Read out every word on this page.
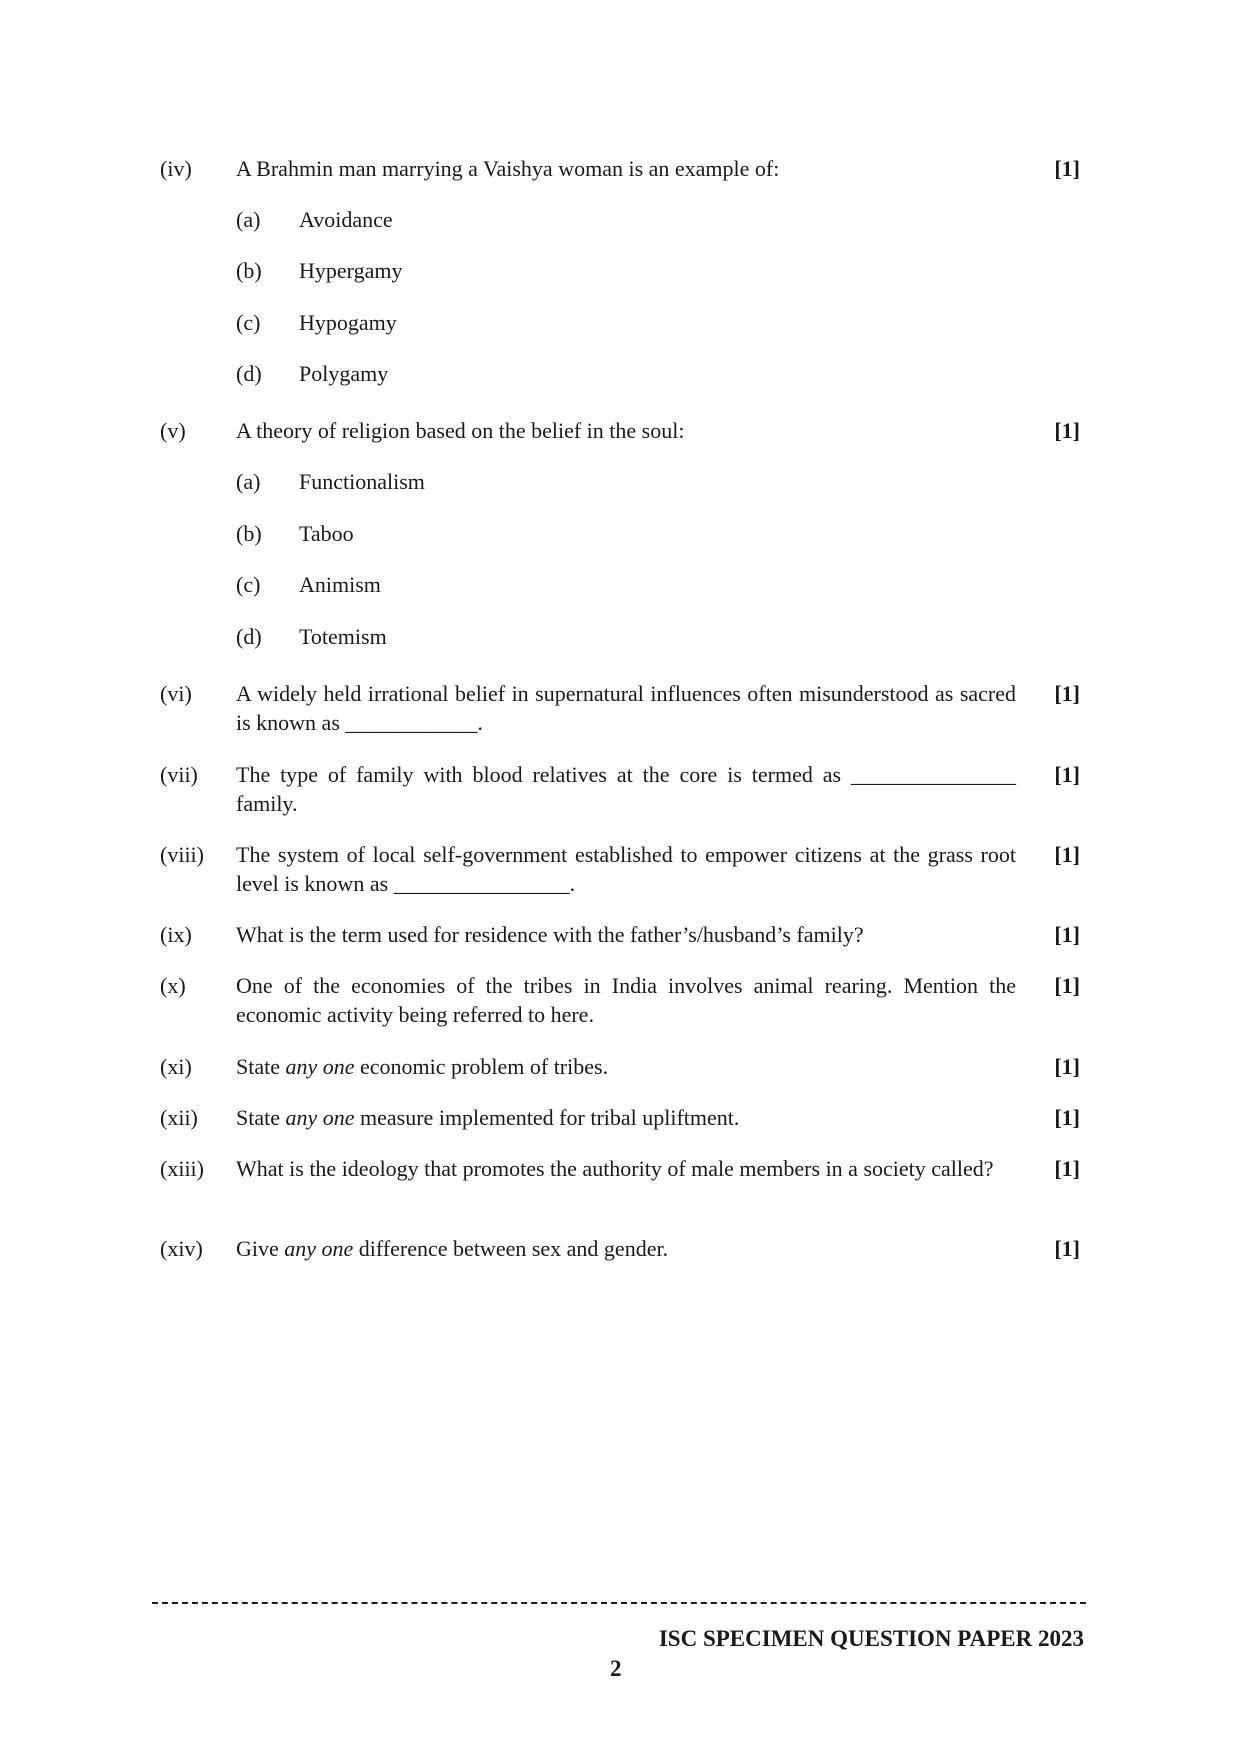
(iv) A Brahmin man marrying a Vaishya woman is an example of:	[1]
(a) Avoidance
(b) Hypergamy
(c) Hypogamy
(d) Polygamy
(v) A theory of religion based on the belief in the soul:	[1]
(a) Functionalism
(b) Taboo
(c) Animism
(d) Totemism
(vi) A widely held irrational belief in supernatural influences often misunderstood as sacred is known as ____________.
[1]
(vii) The type of family with blood relatives at the core is termed as _______________ family.
[1]
(viii) The system of local self-government established to empower citizens at the grass root level is known as ________________.
[1]
(ix) What is the term used for residence with the father’s/husband’s family?	[1]
(x) One of the economies of the tribes in India involves animal rearing. Mention the economic activity being referred to here.
[1]
(xi) State any one economic problem of tribes.	[1]
(xii) State any one measure implemented for tribal upliftment.	[1]
(xiii) What is the ideology that promotes the authority of male members in a society called?	[1]
(xiv) Give any one difference between sex and gender.	[1]
ISC SPECIMEN QUESTION PAPER 2023
2
